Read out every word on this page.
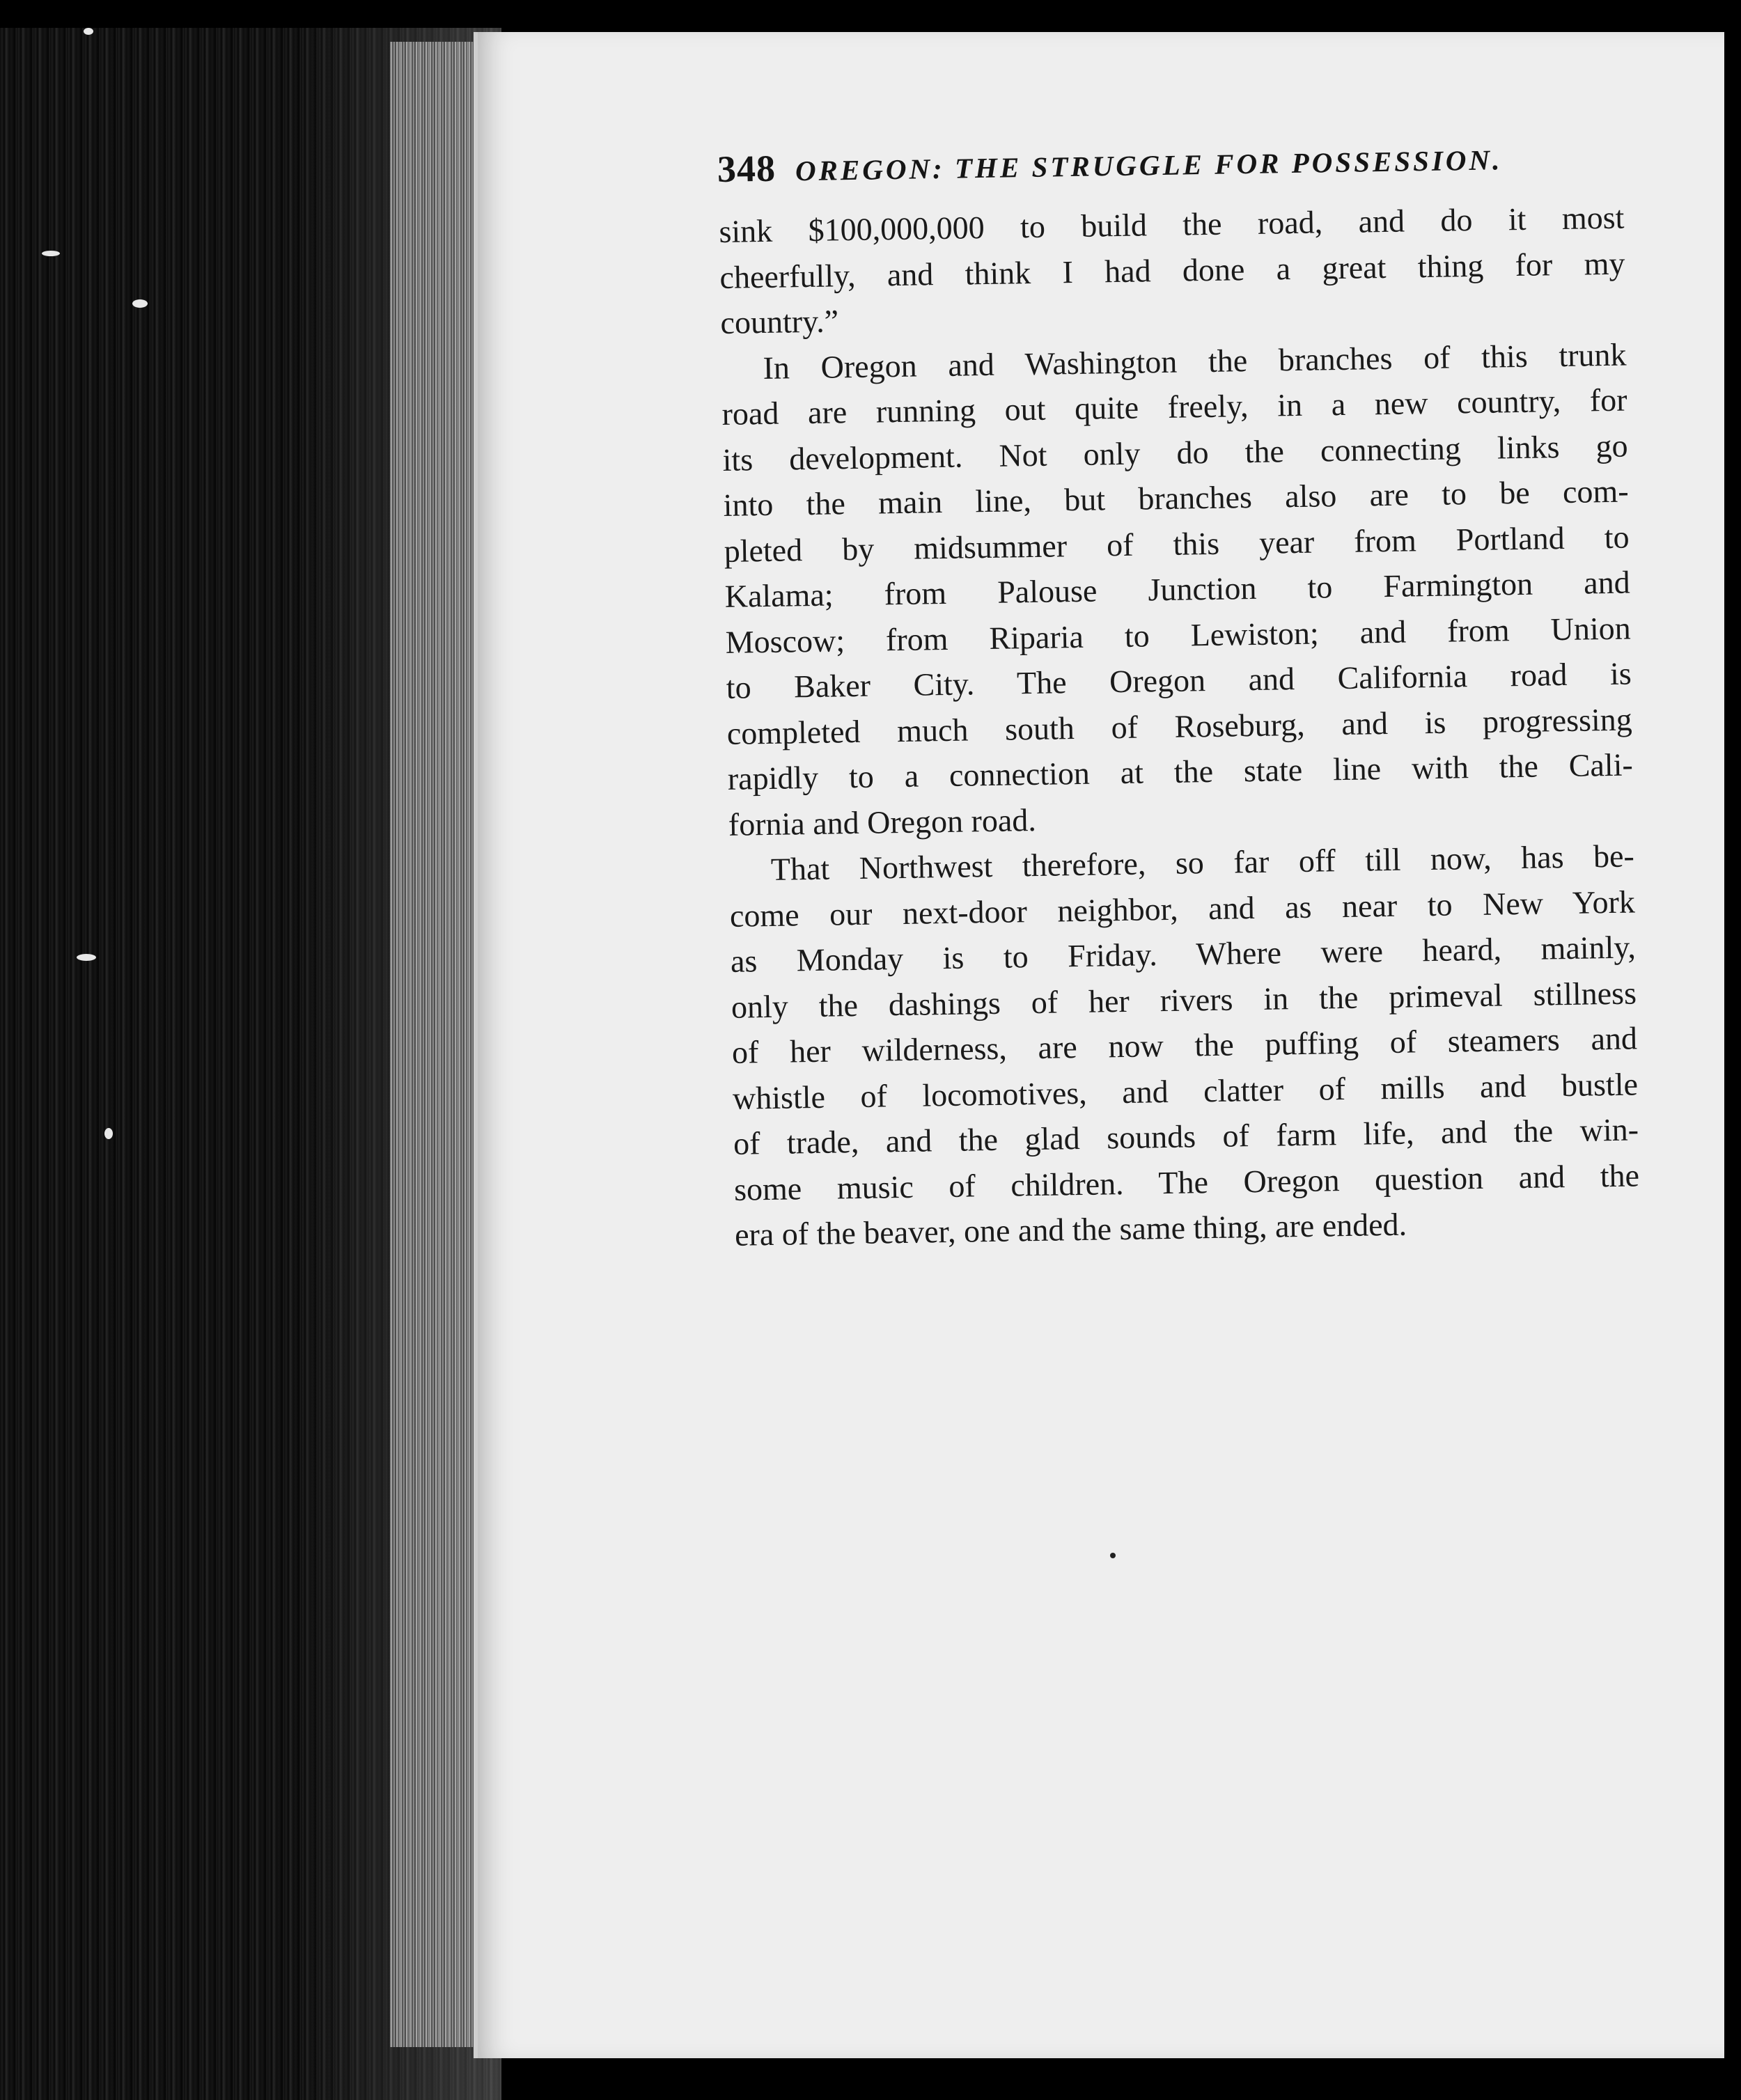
348 OREGON: THE STRUGGLE FOR POSSESSION.
sink $100,000,000 to build the road, and do it most
cheerfully, and think I had done a great thing for my
country.”
In Oregon and Washington the branches of this trunk
road are running out quite freely, in a new country, for
its development. Not only do the connecting links go
into the main line, but branches also are to be com-
pleted by midsummer of this year from Portland to
Kalama; from Palouse Junction to Farmington and
Moscow; from Riparia to Lewiston; and from Union
to Baker City. The Oregon and California road is
completed much south of Roseburg, and is progressing
rapidly to a connection at the state line with the Cali-
fornia and Oregon road.
That Northwest therefore, so far off till now, has be-
come our next-door neighbor, and as near to New York
as Monday is to Friday. Where were heard, mainly,
only the dashings of her rivers in the primeval stillness
of her wilderness, are now the puffing of steamers and
whistle of locomotives, and clatter of mills and bustle
of trade, and the glad sounds of farm life, and the win-
some music of children. The Oregon question and the
era of the beaver, one and the same thing, are ended.
